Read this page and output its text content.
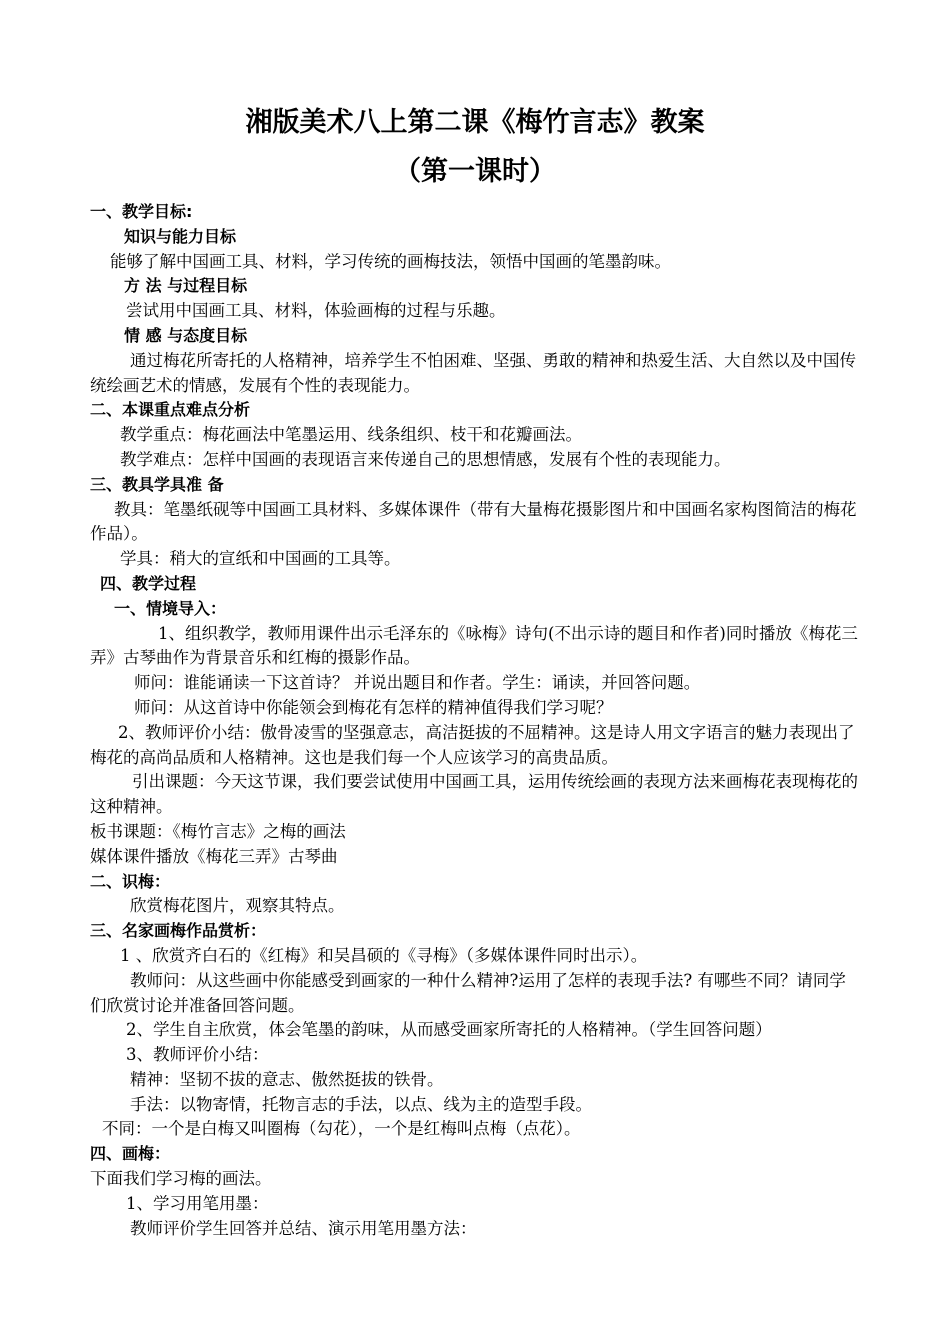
湘版美术八上第二课《梅竹言志》教案
（第一课时）
一、教学目标:
知识与能力目标
能够了解中国画工具、材料，学习传统的画梅技法，领悟中国画的笔墨韵味。
方 法 与过程目标
尝试用中国画工具、材料，体验画梅的过程与乐趣。
情 感 与态度目标
通过梅花所寄托的人格精神，培养学生不怕困难、坚强、勇敢的精神和热爱生活、大自然以及中国传统绘画艺术的情感，发展有个性的表现能力。
二、本课重点难点分析
教学重点：梅花画法中笔墨运用、线条组织、枝干和花瓣画法。
教学难点：怎样中国画的表现语言来传递自己的思想情感，发展有个性的表现能力。
三、教具学具准 备
教具：笔墨纸砚等中国画工具材料、多媒体课件（带有大量梅花摄影图片和中国画名家构图简洁的梅花作品）。
学具：稍大的宣纸和中国画的工具等。
四、教学过程
一、情境导入：
1、组织教学，教师用课件出示毛泽东的《咏梅》诗句(不出示诗的题目和作者)同时播放《梅花三弄》古琴曲作为背景音乐和红梅的摄影作品。
师问：谁能诵读一下这首诗？ 并说出题目和作者。学生：诵读，并回答问题。
师问：从这首诗中你能领会到梅花有怎样的精神值得我们学习呢？
2、教师评价小结：傲骨凌雪的坚强意志，高洁挺拔的不屈精神。这是诗人用文字语言的魅力表现出了梅花的高尚品质和人格精神。这也是我们每一个人应该学习的高贵品质。
引出课题：今天这节课，我们要尝试使用中国画工具，运用传统绘画的表现方法来画梅花表现梅花的这种精神。
板书课题：《梅竹言志》之梅的画法
媒体课件播放《梅花三弄》古琴曲
二、识梅：
欣赏梅花图片，观察其特点。
三、名家画梅作品赏析：
1 、欣赏齐白石的《红梅》和吴昌硕的《寻梅》（多媒体课件同时出示）。
教师问：从这些画中你能感受到画家的一种什么精神?运用了怎样的表现手法? 有哪些不同？请同学们欣赏讨论并准备回答问题。
2、学生自主欣赏，体会笔墨的韵味，从而感受画家所寄托的人格精神。（学生回答问题）
3、教师评价小结：
精神：坚韧不拔的意志、傲然挺拔的铁骨。
手法：以物寄情，托物言志的手法，以点、线为主的造型手段。
不同：一个是白梅又叫圈梅（勾花），一个是红梅叫点梅（点花）。
四、画梅：
下面我们学习梅的画法。
1、学习用笔用墨：
教师评价学生回答并总结、演示用笔用墨方法：
